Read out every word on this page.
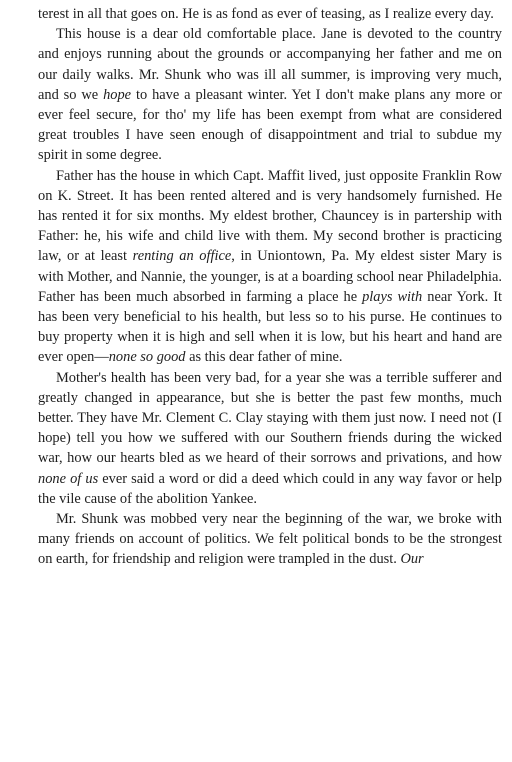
terest in all that goes on. He is as fond as ever of teasing, as I realize every day.

This house is a dear old comfortable place. Jane is devoted to the country and enjoys running about the grounds or accompanying her father and me on our daily walks. Mr. Shunk who was ill all summer, is improving very much, and so we hope to have a pleasant winter. Yet I don't make plans any more or ever feel secure, for tho' my life has been exempt from what are considered great troubles I have seen enough of disappointment and trial to subdue my spirit in some degree.

Father has the house in which Capt. Maffit lived, just opposite Franklin Row on K. Street. It has been rented altered and is very handsomely furnished. He has rented it for six months. My eldest brother, Chauncey is in partership with Father: he, his wife and child live with them. My second brother is practicing law, or at least renting an office, in Uniontown, Pa. My eldest sister Mary is with Mother, and Nannie, the younger, is at a boarding school near Philadelphia. Father has been much absorbed in farming a place he plays with near York. It has been very beneficial to his health, but less so to his purse. He continues to buy property when it is high and sell when it is low, but his heart and hand are ever open—none so good as this dear father of mine.

Mother's health has been very bad, for a year she was a terrible sufferer and greatly changed in appearance, but she is better the past few months, much better. They have Mr. Clement C. Clay staying with them just now. I need not (I hope) tell you how we suffered with our Southern friends during the wicked war, how our hearts bled as we heard of their sorrows and privations, and how none of us ever said a word or did a deed which could in any way favor or help the vile cause of the abolition Yankee.

Mr. Shunk was mobbed very near the beginning of the war, we broke with many friends on account of politics. We felt political bonds to be the strongest on earth, for friendship and religion were trampled in the dust. Our
